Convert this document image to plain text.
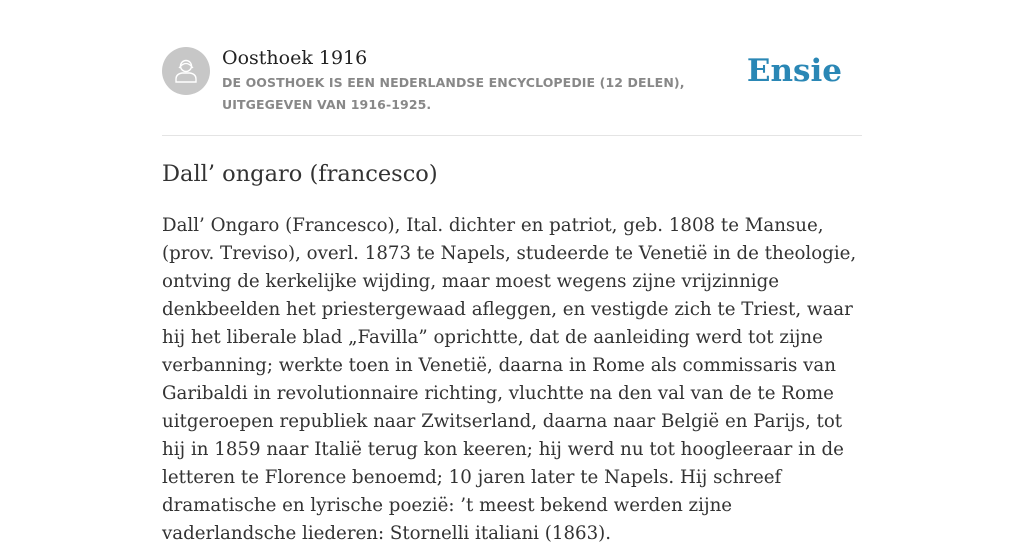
Oosthoek 1916
DE OOSTHOEK IS EEN NEDERLANDSE ENCYCLOPEDIE (12 DELEN), UITGEGEVEN VAN 1916-1925.
Ensie
Dall’ ongaro (francesco)

Dall’ Ongaro (Francesco), Ital. dichter en patriot, geb. 1808 te Mansue, (prov. Treviso), overl. 1873 te Napels, studeerde te Venetië in de theologie, ontving de kerkelijke wijding, maar moest wegens zijne vrijzinnige denkbeelden het priestergewaad afleggen, en vestigde zich te Triest, waar hij het liberale blad „Favilla” oprichtte, dat de aanleiding werd tot zijne verbanning; werkte toen in Venetië, daarna in Rome als commissaris van Garibaldi in revolutionnaire richting, vluchtte na den val van de te Rome uitgeroepen republiek naar Zwitserland, daarna naar België en Parijs, tot hij in 1859 naar Italië terug kon keeren; hij werd nu tot hoogleeraar in de letteren te Florence benoemd; 10 jaren later te Napels. Hij schreef dramatische en lyrische poezië: ’t meest bekend werden zijne vaderlandsche liederen: Stornelli italiani (1863).
